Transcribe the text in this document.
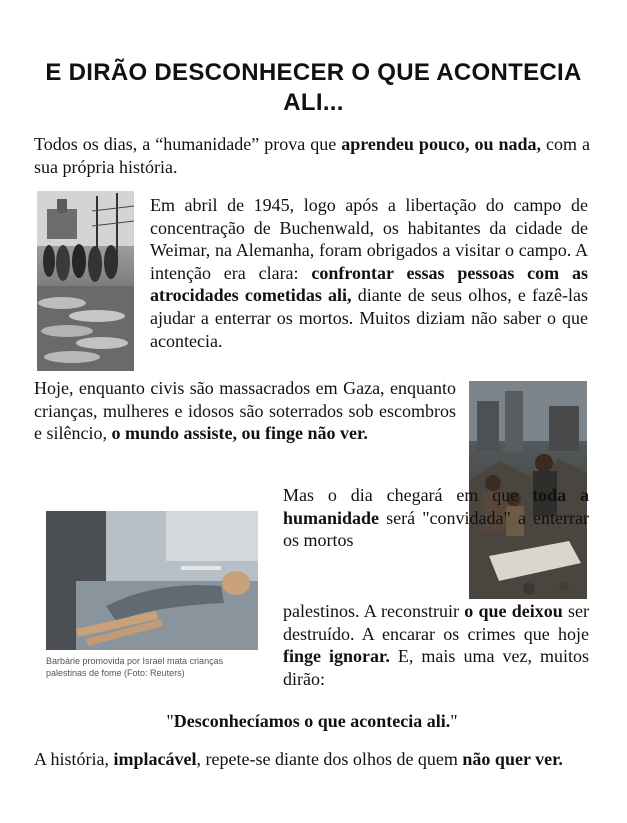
E DIRÃO DESCONHECER O QUE ACONTECIA ALI...

Todos os dias, a “humanidade” prova que aprendeu pouco, ou nada, com a sua própria história.

Em abril de 1945, logo após a libertação do campo de concentração de Buchenwald, os habitantes da cidade de Weimar, na Alemanha, foram obrigados a visitar o campo. A intenção era clara: confrontar essas pessoas com as atrocidades cometidas ali, diante de seus olhos, e fazê-las ajudar a enterrar os mortos. Muitos diziam não saber o que acontecia.

Hoje, enquanto civis são massacrados em Gaza, enquanto crianças, mulheres e idosos são soterrados sob escombros e silêncio, o mundo assiste, ou finge não ver.

Barbárie promovida por Israel mata crianças palestinas de fome (Foto: Reuters)

Mas o dia chegará em que toda a humanidade será "convidada" a enterrar os mortos

palestinos. A reconstruir o que deixou ser destruído. A encarar os crimes que hoje finge ignorar. E, mais uma vez, muitos dirão:

"Desconhecíamos o que acontecia ali."

A história, implacável, repete-se diante dos olhos de quem não quer ver.
